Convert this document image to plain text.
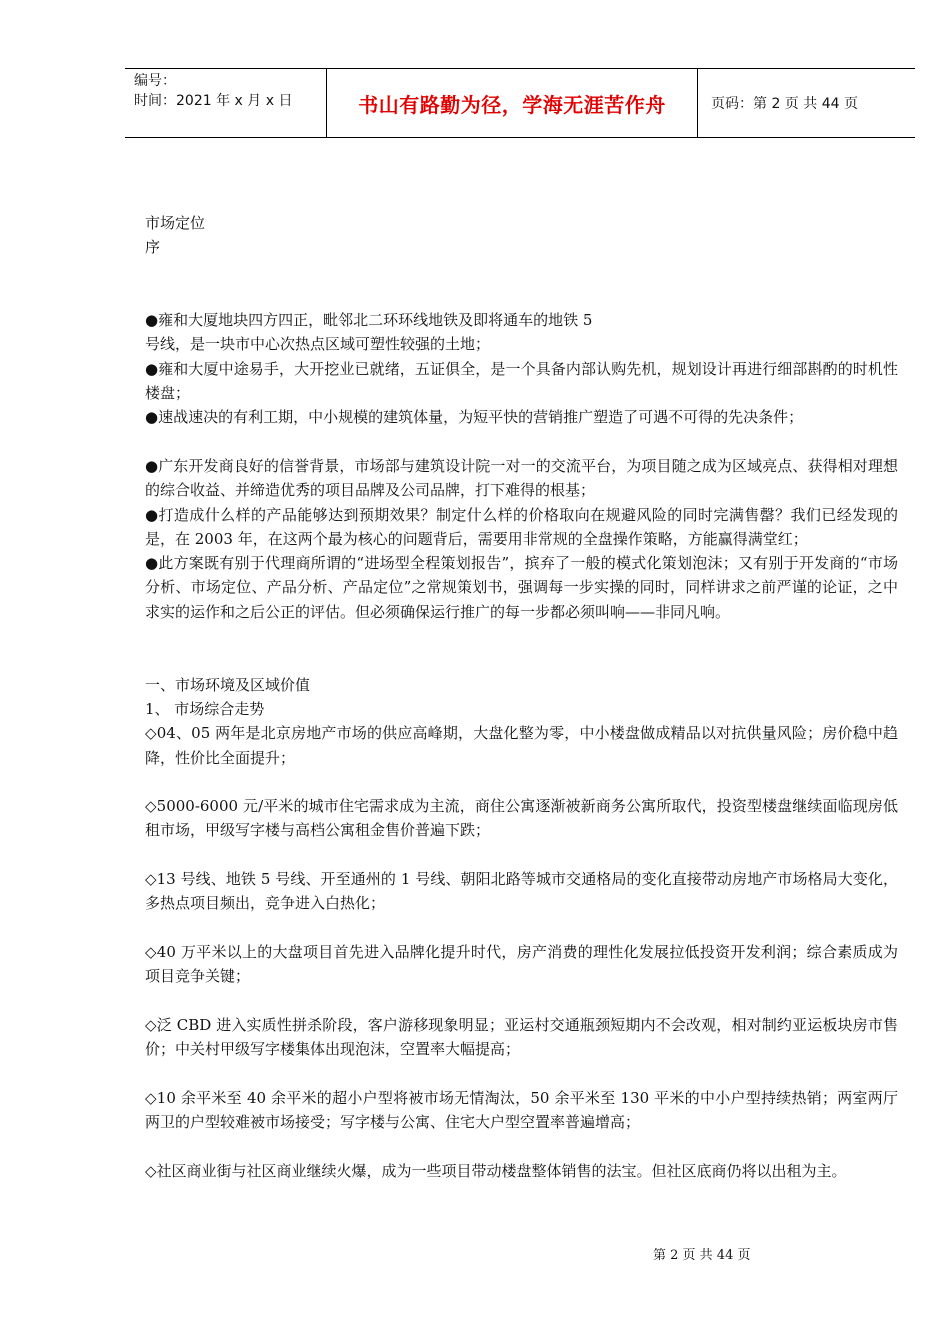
编号：
时间：2021 年 x 月 x 日	书山有路勤为径，学海无涯苦作舟	页码：第 2 页 共 44 页

市场定位

序

●雍和大厦地块四方四正，毗邻北二环环线地铁及即将通车的地铁 5

号线，是一块市中心次热点区域可塑性较强的土地；

●雍和大厦中途易手，大开挖业已就绪，五证俱全，是一个具备内部认购先机，规划设计再进行细部斟酌的时机性楼盘；

●速战速决的有利工期，中小规模的建筑体量，为短平快的营销推广塑造了可遇不可得的先决条件；

●广东开发商良好的信誉背景，市场部与建筑设计院一对一的交流平台，为项目随之成为区域亮点、获得相对理想的综合收益、并缔造优秀的项目品牌及公司品牌，打下难得的根基；

●打造成什么样的产品能够达到预期效果？制定什么样的价格取向在规避风险的同时完满售罄？我们已经发现的是，在 2003 年，在这两个最为核心的问题背后，需要用非常规的全盘操作策略，方能赢得满堂红；

●此方案既有别于代理商所谓的“进场型全程策划报告”，摈弃了一般的模式化策划泡沫；又有别于开发商的“市场分析、市场定位、产品分析、产品定位”之常规策划书，强调每一步实操的同时，同样讲求之前严谨的论证，之中求实的运作和之后公正的评估。但必须确保运行推广的每一步都必须叫响——非同凡响。

一、市场环境及区域价值

1、 市场综合走势

◇04、05 两年是北京房地产市场的供应高峰期，大盘化整为零，中小楼盘做成精品以对抗供量风险；房价稳中趋降，性价比全面提升；

◇5000-6000 元/平米的城市住宅需求成为主流，商住公寓逐渐被新商务公寓所取代，投资型楼盘继续面临现房低租市场，甲级写字楼与高档公寓租金售价普遍下跌；

◇13 号线、地铁 5 号线、开至通州的 1 号线、朝阳北路等城市交通格局的变化直接带动房地产市场格局大变化，多热点项目频出，竞争进入白热化；

◇40 万平米以上的大盘项目首先进入品牌化提升时代，房产消费的理性化发展拉低投资开发利润；综合素质成为项目竞争关键；

◇泛 CBD 进入实质性拼杀阶段，客户游移现象明显；亚运村交通瓶颈短期内不会改观，相对制约亚运板块房市售价；中关村甲级写字楼集体出现泡沫，空置率大幅提高；

◇10 余平米至 40 余平米的超小户型将被市场无情淘汰，50 余平米至 130 平米的中小户型持续热销；两室两厅两卫的户型较难被市场接受；写字楼与公寓、住宅大户型空置率普遍增高；

◇社区商业街与社区商业继续火爆，成为一些项目带动楼盘整体销售的法宝。但社区底商仍将以出租为主。

第 2 页 共 44 页
